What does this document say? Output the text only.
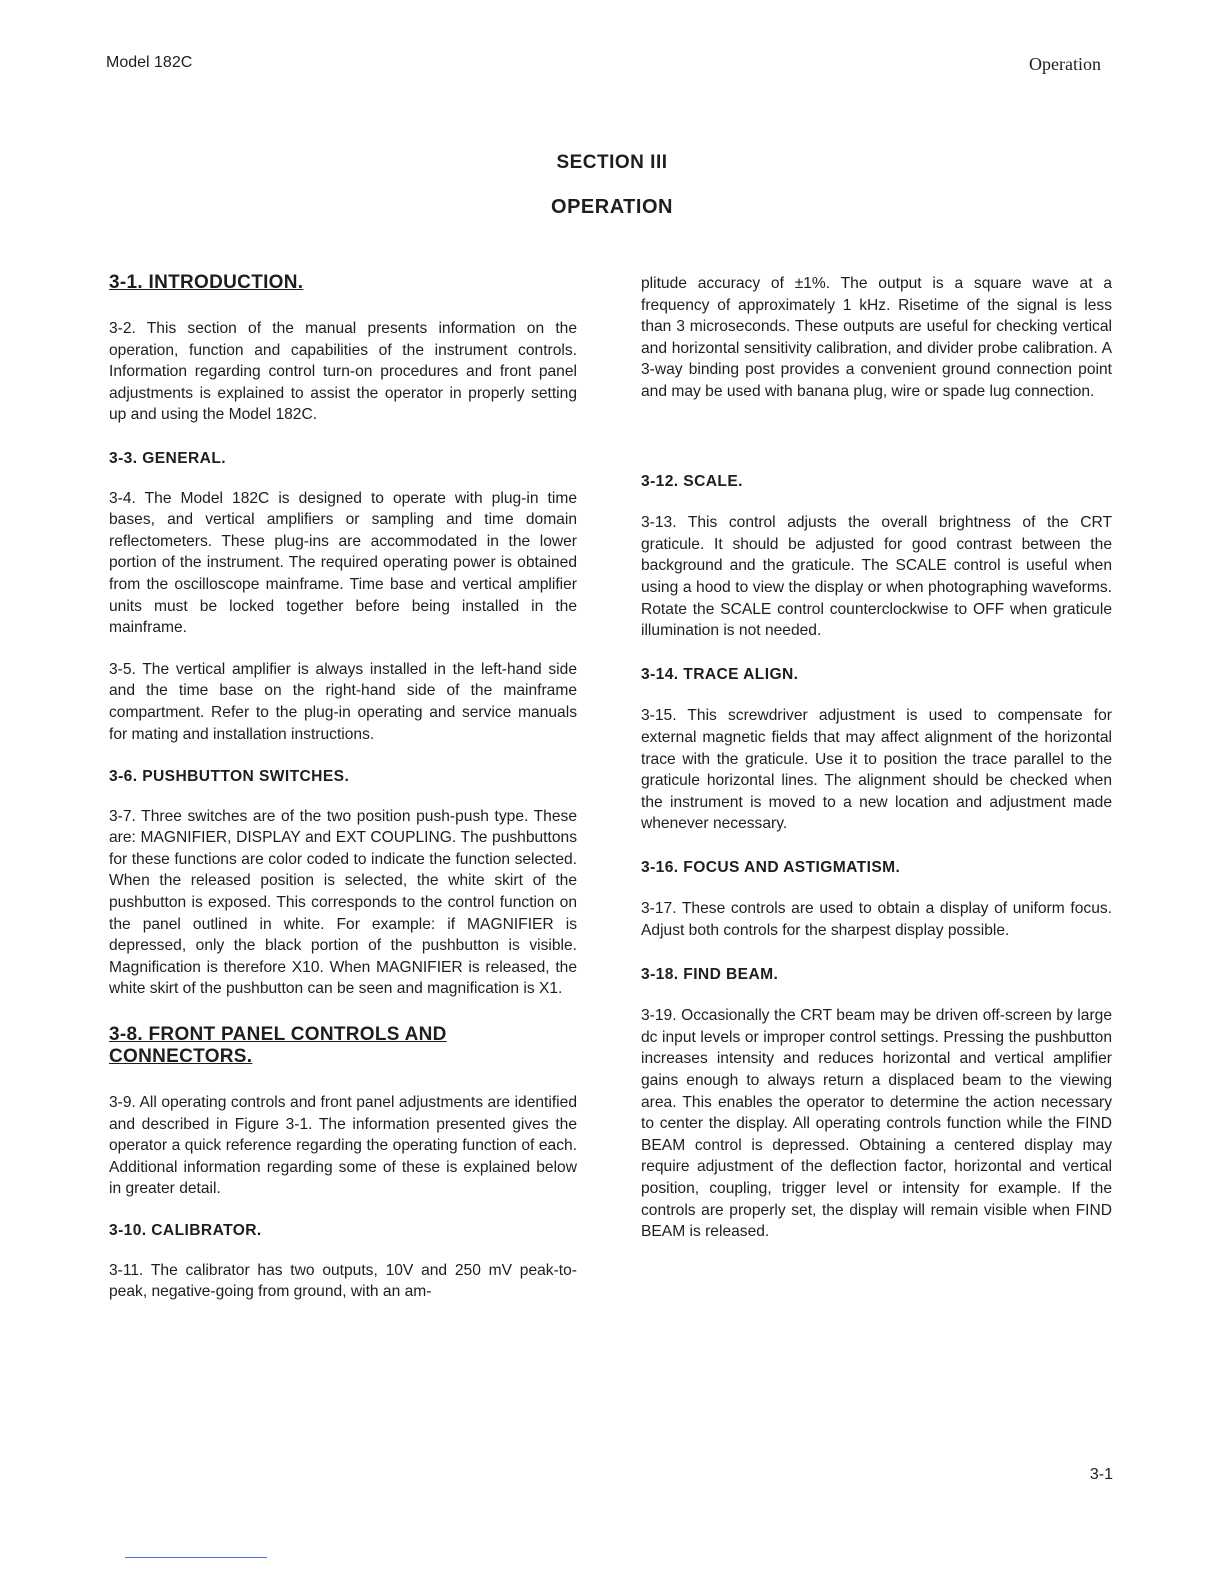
Model 182C	Operation
SECTION III
OPERATION
3-1. INTRODUCTION.

3-2. This section of the manual presents information on the operation, function and capabilities of the instrument controls. Information regarding control turn-on procedures and front panel adjustments is explained to assist the operator in properly setting up and using the Model 182C.

3-3. GENERAL.

3-4. The Model 182C is designed to operate with plug-in time bases, and vertical amplifiers or sampling and time domain reflectometers. These plug-ins are accommodated in the lower portion of the instrument. The required operating power is obtained from the oscilloscope mainframe. Time base and vertical amplifier units must be locked together before being installed in the mainframe.

3-5. The vertical amplifier is always installed in the left-hand side and the time base on the right-hand side of the mainframe compartment. Refer to the plug-in operating and service manuals for mating and installation instructions.

3-6. PUSHBUTTON SWITCHES.

3-7. Three switches are of the two position push-push type. These are: MAGNIFIER, DISPLAY and EXT COUPLING. The pushbuttons for these functions are color coded to indicate the function selected. When the released position is selected, the white skirt of the pushbutton is exposed. This corresponds to the control function on the panel outlined in white. For example: if MAGNIFIER is depressed, only the black portion of the pushbutton is visible. Magnification is therefore X10. When MAGNIFIER is released, the white skirt of the pushbutton can be seen and magnification is X1.

3-8. FRONT PANEL CONTROLS AND CONNECTORS.

3-9. All operating controls and front panel adjustments are identified and described in Figure 3-1. The information presented gives the operator a quick reference regarding the operating function of each. Additional information regarding some of these is explained below in greater detail.

3-10. CALIBRATOR.

3-11. The calibrator has two outputs, 10V and 250 mV peak-to-peak, negative-going from ground, with an am-

plitude accuracy of ±1%. The output is a square wave at a frequency of approximately 1 kHz. Risetime of the signal is less than 3 microseconds. These outputs are useful for checking vertical and horizontal sensitivity calibration, and divider probe calibration. A 3-way binding post provides a convenient ground connection point and may be used with banana plug, wire or spade lug connection.

3-12. SCALE.

3-13. This control adjusts the overall brightness of the CRT graticule. It should be adjusted for good contrast between the background and the graticule. The SCALE control is useful when using a hood to view the display or when photographing waveforms. Rotate the SCALE control counterclockwise to OFF when graticule illumination is not needed.

3-14. TRACE ALIGN.

3-15. This screwdriver adjustment is used to compensate for external magnetic fields that may affect alignment of the horizontal trace with the graticule. Use it to position the trace parallel to the graticule horizontal lines. The alignment should be checked when the instrument is moved to a new location and adjustment made whenever necessary.

3-16. FOCUS AND ASTIGMATISM.

3-17. These controls are used to obtain a display of uniform focus. Adjust both controls for the sharpest display possible.

3-18. FIND BEAM.

3-19. Occasionally the CRT beam may be driven off-screen by large dc input levels or improper control settings. Pressing the pushbutton increases intensity and reduces horizontal and vertical amplifier gains enough to always return a displaced beam to the viewing area. This enables the operator to determine the action necessary to center the display. All operating controls function while the FIND BEAM control is depressed. Obtaining a centered display may require adjustment of the deflection factor, horizontal and vertical position, coupling, trigger level or intensity for example. If the controls are properly set, the display will remain visible when FIND BEAM is released.

3-1
